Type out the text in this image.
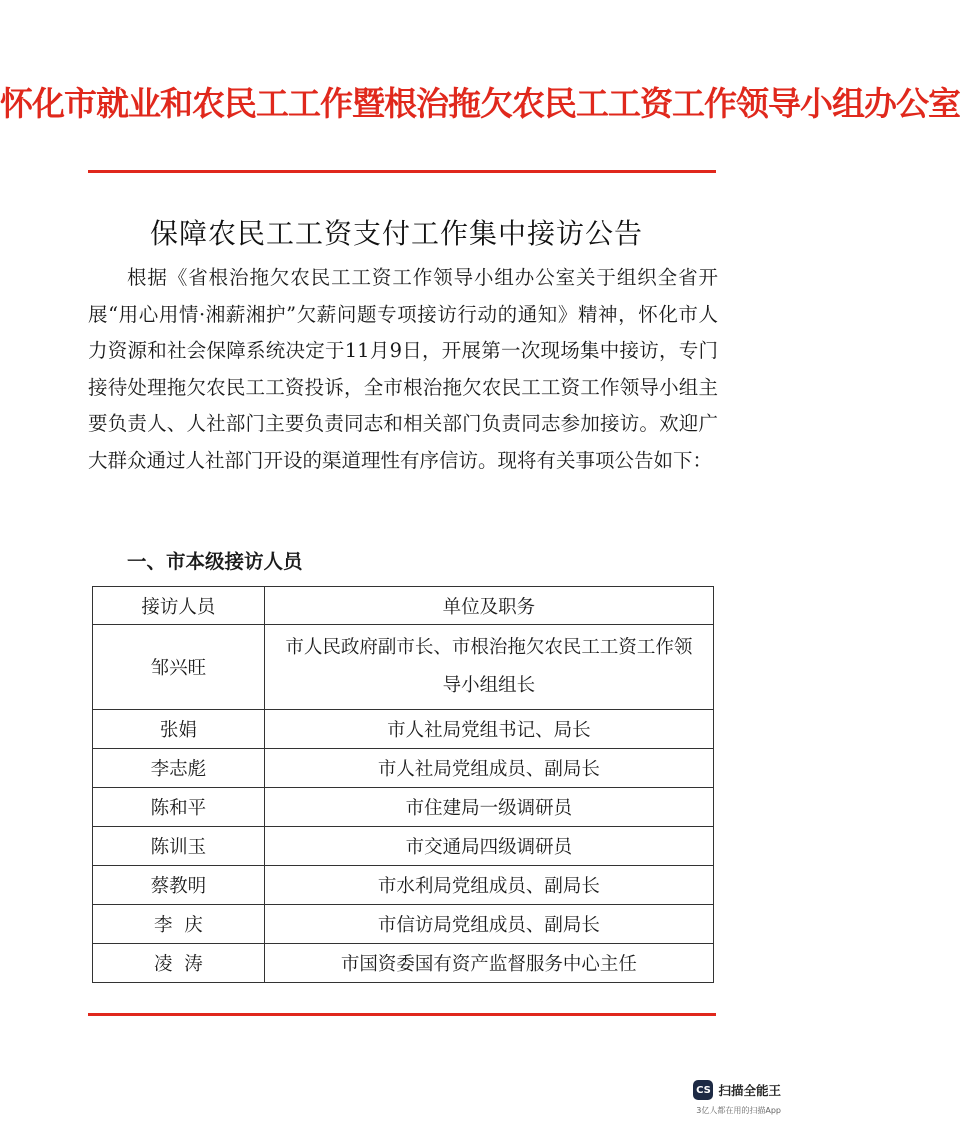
怀化市就业和农民工工作暨根治拖欠农民工工资工作领导小组办公室
保障农民工工资支付工作集中接访公告

根据《省根治拖欠农民工工资工作领导小组办公室关于组织全省开展“用心用情·湘薪湘护”欠薪问题专项接访行动的通知》精神，怀化市人力资源和社会保障系统决定于11月9日，开展第一次现场集中接访，专门接待处理拖欠农民工工资投诉，全市根治拖欠农民工工资工作领导小组主要负责人、人社部门主要负责同志和相关部门负责同志参加接访。欢迎广大群众通过人社部门开设的渠道理性有序信访。现将有关事项公告如下：

一、市本级接访人员

接访人员	单位及职务
邹兴旺	市人民政府副市长、市根治拖欠农民工工资工作领导小组组长
张娟	市人社局党组书记、局长
李志彪	市人社局党组成员、副局长
陈和平	市住建局一级调研员
陈训玉	市交通局四级调研员
蔡教明	市水利局党组成员、副局长
李  庆	市信访局党组成员、副局长
凌  涛	市国资委国有资产监督服务中心主任
CS 扫描全能王
3亿人都在用的扫描App
